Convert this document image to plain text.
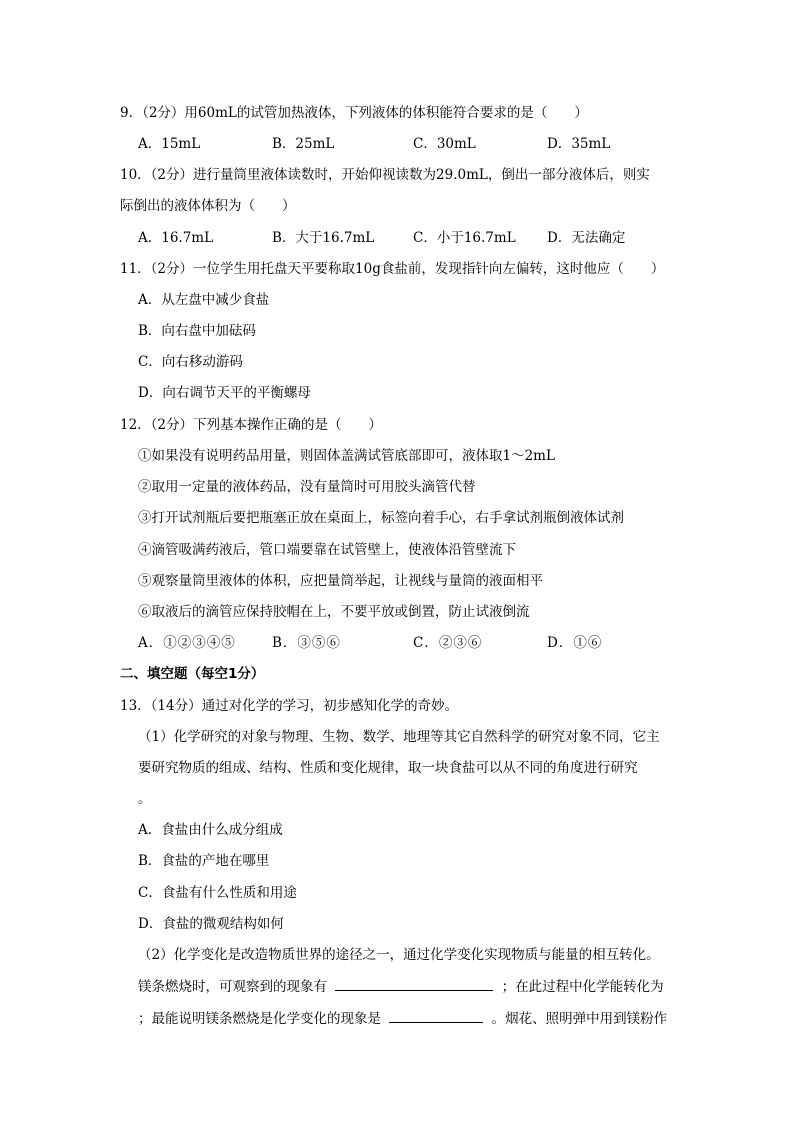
9．（2分）用60mL的试管加热液体，下列液体的体积能符合要求的是（　　）
A．15mL	B．25mL	C．30mL	D．35mL
10．（2分）进行量筒里液体读数时，开始仰视读数为29.0mL，倒出一部分液体后，则实
际倒出的液体体积为（　　）
A．16.7mL	B．大于16.7mL	C．小于16.7mL D．无法确定
11．（2分）一位学生用托盘天平要称取10g食盐前，发现指针向左偏转，这时他应（　　）
A．从左盘中减少食盐
B．向右盘中加砝码
C．向右移动游码
D．向右调节天平的平衡螺母
12．（2分）下列基本操作正确的是（　　）
①如果没有说明药品用量，则固体盖满试管底部即可，液体取1～2mL
②取用一定量的液体药品，没有量筒时可用胶头滴管代替
③打开试剂瓶后要把瓶塞正放在桌面上，标签向着手心，右手拿试剂瓶倒液体试剂
④滴管吸满药液后，管口端要靠在试管壁上，使液体沿管壁流下
⑤观察量筒里液体的体积，应把量筒举起，让视线与量筒的液面相平
⑥取液后的滴管应保持胶帽在上，不要平放或倒置，防止试液倒流
A．①②③④⑤	B．③⑤⑥	C．②③⑥	D．①⑥
二、填空题（每空1分）
13．（14分）通过对化学的学习，初步感知化学的奇妙。
（1）化学研究的对象与物理、生物、数学、地理等其它自然科学的研究对象不同，它主
要研究物质的组成、结构、性质和变化规律，取一块食盐可以从不同的角度进行研究
。
A．食盐由什么成分组成
B．食盐的产地在哪里
C．食盐有什么性质和用途
D．食盐的微观结构如何
（2）化学变化是改造物质世界的途径之一，通过化学变化实现物质与能量的相互转化。
镁条燃烧时，可观察到的现象有	；在此过程中化学能转化为
；最能说明镁条燃烧是化学变化的现象是	。烟花、照明弹中用到镁粉作
